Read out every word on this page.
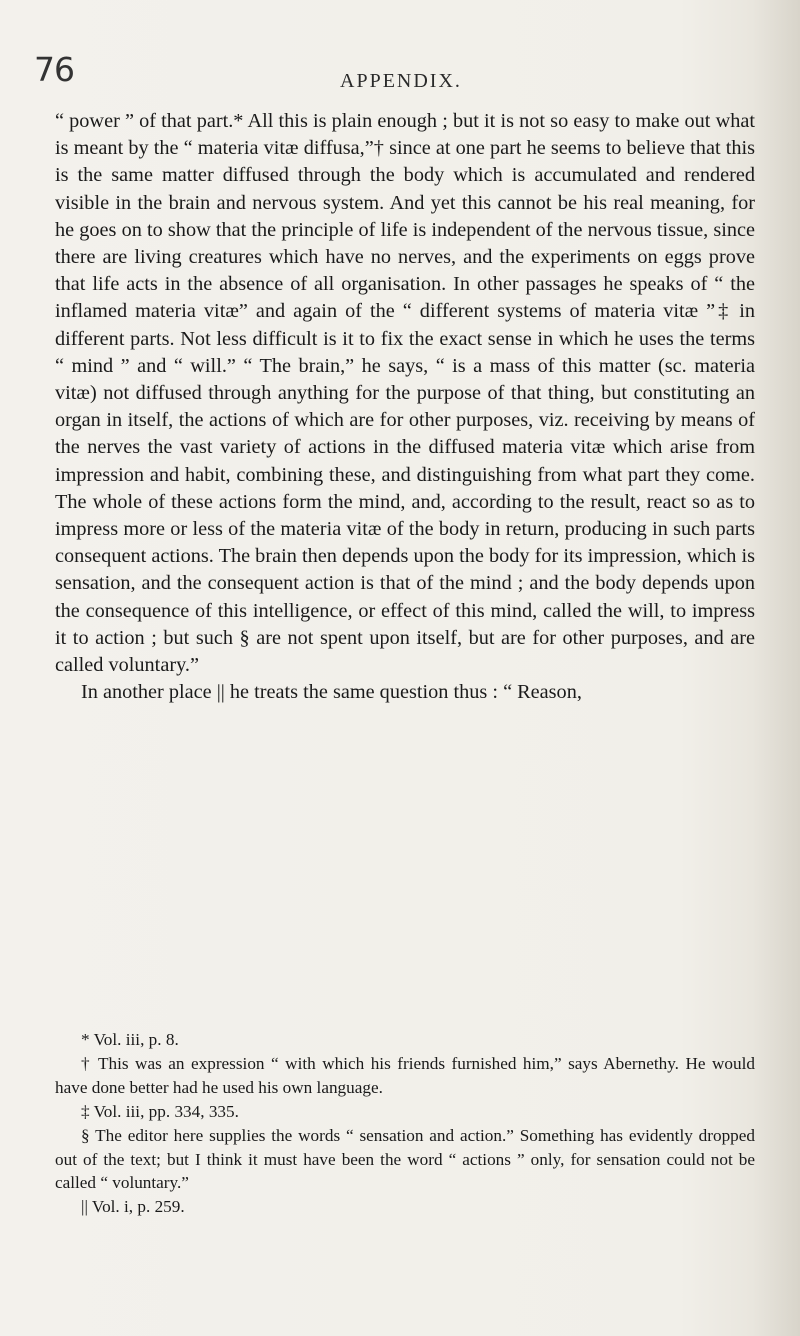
76	APPENDIX.

“ power ” of that part.* All this is plain enough ; but it is not so easy to make out what is meant by the “ materia vitæ diffusa,”† since at one part he seems to believe that this is the same matter diffused through the body which is accumulated and rendered visible in the brain and nervous system. And yet this cannot be his real meaning, for he goes on to show that the principle of life is independent of the nervous tissue, since there are living creatures which have no nerves, and the experiments on eggs prove that life acts in the absence of all organisation. In other passages he speaks of “ the inflamed materia vitæ” and again of the “ different systems of materia vitæ ”‡ in different parts. Not less difficult is it to fix the exact sense in which he uses the terms “ mind ” and “ will.” “ The brain,” he says, “ is a mass of this matter (sc. materia vitæ) not diffused through anything for the purpose of that thing, but constituting an organ in itself, the actions of which are for other purposes, viz. receiving by means of the nerves the vast variety of actions in the diffused materia vitæ which arise from impression and habit, combining these, and distinguishing from what part they come. The whole of these actions form the mind, and, according to the result, react so as to impress more or less of the materia vitæ of the body in return, producing in such parts consequent actions. The brain then depends upon the body for its impression, which is sensation, and the consequent action is that of the mind ; and the body depends upon the consequence of this intelligence, or effect of this mind, called the will, to impress it to action ; but such § are not spent upon itself, but are for other purposes, and are called voluntary.”

In another place || he treats the same question thus : “ Reason,

* Vol. iii, p. 8.

† This was an expression “ with which his friends furnished him,” says Abernethy. He would have done better had he used his own language.

‡ Vol. iii, pp. 334, 335.

§ The editor here supplies the words “ sensation and action.” Something has evidently dropped out of the text; but I think it must have been the word “ actions ” only, for sensation could not be called “ voluntary.”

|| Vol. i, p. 259.
